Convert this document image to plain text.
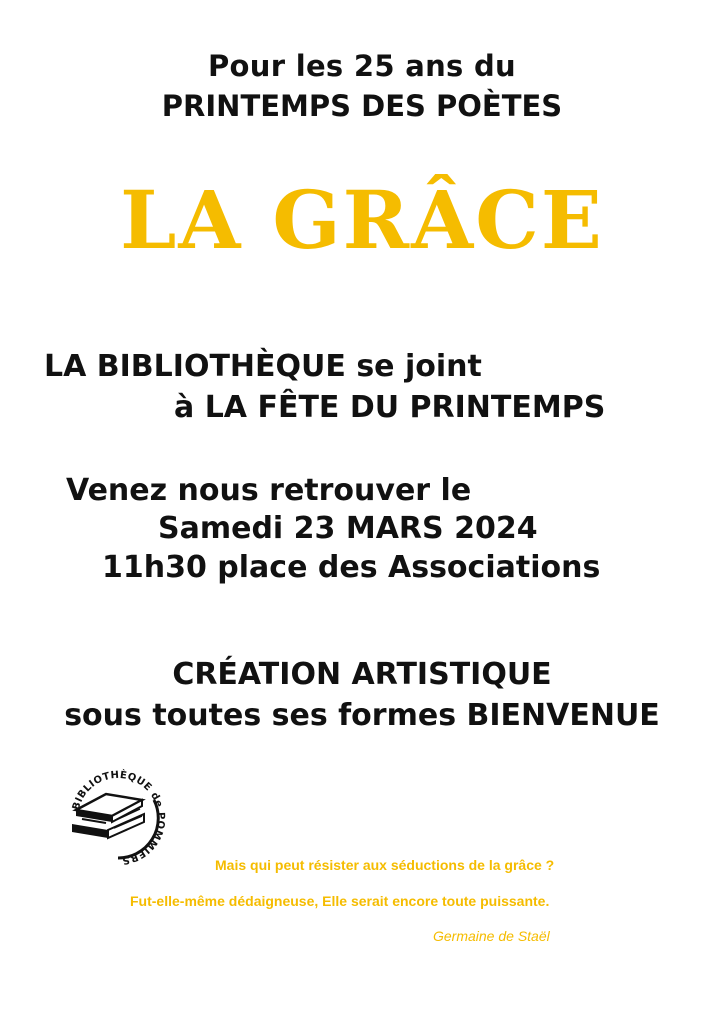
Pour les 25 ans du
PRINTEMPS DES POÈTES
LA GRÂCE
LA BIBLIOTHÈQUE se joint
à LA FÊTE DU PRINTEMPS
Venez nous retrouver le
Samedi 23 MARS 2024
11h30 place des Associations
CRÉATION ARTISTIQUE
sous toutes ses formes BIENVENUE
BIBLIOTHÈQUE de POMMIERS	Mais qui peut résister aux séductions de la grâce ?
Fut-elle-même dédaigneuse, Elle serait encore toute puissante.
Germaine de Staël
